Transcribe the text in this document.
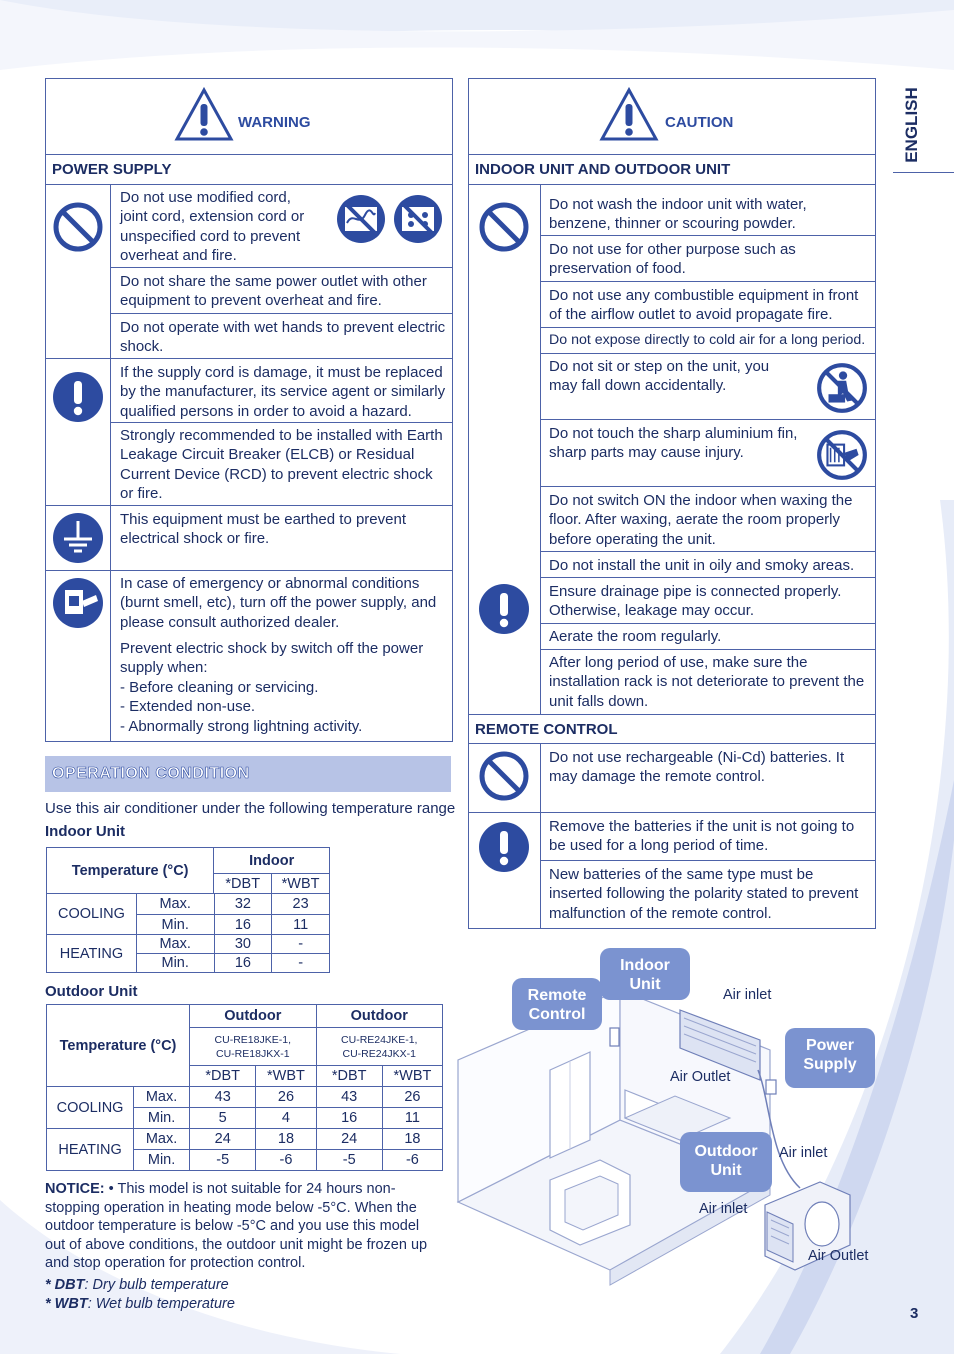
ENGLISH
WARNING
POWER SUPPLY
Do not use modified cord, joint cord, extension cord or unspecified cord to prevent overheat and fire.
Do not share the same power outlet with other equipment to prevent overheat and fire.
Do not operate with wet hands to prevent electric shock.
If the supply cord is damage, it must be replaced by the manufacturer, its service agent or similarly qualified persons in order to avoid a hazard.
Strongly recommended to be installed with Earth Leakage Circuit Breaker (ELCB) or Residual Current Device (RCD) to prevent electric shock or fire.
This equipment must be earthed to prevent electrical shock or fire.
In case of emergency or abnormal conditions (burnt smell, etc), turn off the power supply, and please consult authorized dealer.
Prevent electric shock by switch off the power supply when:
- Before cleaning or servicing.
- Extended non-use.
- Abnormally strong lightning activity.
CAUTION
INDOOR UNIT AND OUTDOOR UNIT
Do not wash the indoor unit with water, benzene, thinner or scouring powder.
Do not use for other purpose such as preservation of food.
Do not use any combustible equipment in front of the airflow outlet to avoid propagate fire.
Do not expose directly to cold air for a long period.
Do not sit or step on the unit, you may fall down accidentally.
Do not touch the sharp aluminium fin, sharp parts may cause injury.
Do not switch ON the indoor when waxing the floor. After waxing, aerate the room properly before operating the unit.
Do not install the unit in oily and smoky areas.
Ensure drainage pipe is connected properly. Otherwise, leakage may occur.
Aerate the room regularly.
After long period of use, make sure the installation rack is not deteriorate to prevent the unit falls down.
REMOTE CONTROL
Do not use rechargeable (Ni-Cd) batteries. It may damage the remote control.
Remove the batteries if the unit is not going to be used for a long period of time.
New batteries of the same type must be inserted following the polarity stated to prevent malfunction of the remote control.
OPERATION CONDITION
Use this air conditioner under the following temperature range
Indoor Unit
Temperature (°C)	Indoor	
	*DBT	*WBT
COOLING	Max.	32	23
	Min.	16	11
HEATING	Max.	30	-
	Min.	16	-
Outdoor Unit
Temperature (°C)	Outdoor		Outdoor	
	CU-RE18JKE-1, CU-RE18JKX-1		CU-RE24JKE-1, CU-RE24JKX-1	
	*DBT	*WBT	*DBT	*WBT
COOLING	Max.	43	26	43	26
	Min.	5	4	16	11
HEATING	Max.	24	18	24	18
	Min.	-5	-6	-5	-6
NOTICE: • This model is not suitable for 24 hours non-stopping operation in heating mode below -5°C. When the outdoor temperature is below -5°C and you use this model out of above conditions, the outdoor unit might be frozen up and stop operation for protection control.
* DBT: Dry bulb temperature
* WBT: Wet bulb temperature
Indoor Unit
Remote Control
Power Supply
Outdoor Unit
Air inlet
Air Outlet
Air inlet
Air inlet
Air Outlet
3
